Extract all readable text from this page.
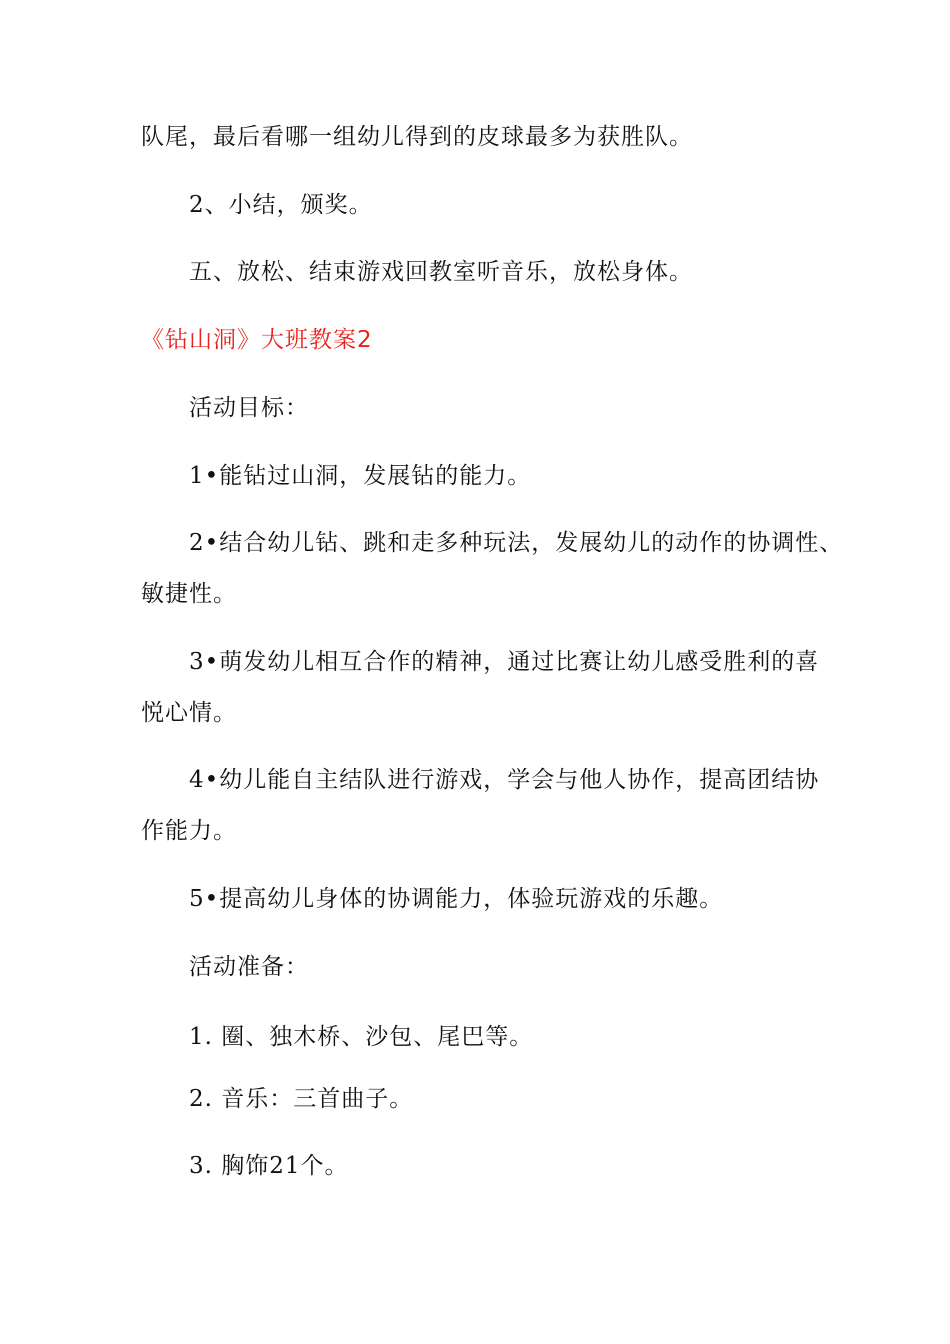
队尾，最后看哪一组幼儿得到的皮球最多为获胜队。

2、小结，颁奖。

五、放松、结束游戏回教室听音乐，放松身体。

《钻山洞》大班教案2

活动目标：

1•能钻过山洞，发展钻的能力。

2•结合幼儿钻、跳和走多种玩法，发展幼儿的动作的协调性、

敏捷性。

3•萌发幼儿相互合作的精神，通过比赛让幼儿感受胜利的喜

悦心情。

4•幼儿能自主结队进行游戏，学会与他人协作，提高团结协

作能力。

5•提高幼儿身体的协调能力，体验玩游戏的乐趣。

活动准备：

1. 圈、独木桥、沙包、尾巴等。

2. 音乐：三首曲子。

3. 胸饰21个。
